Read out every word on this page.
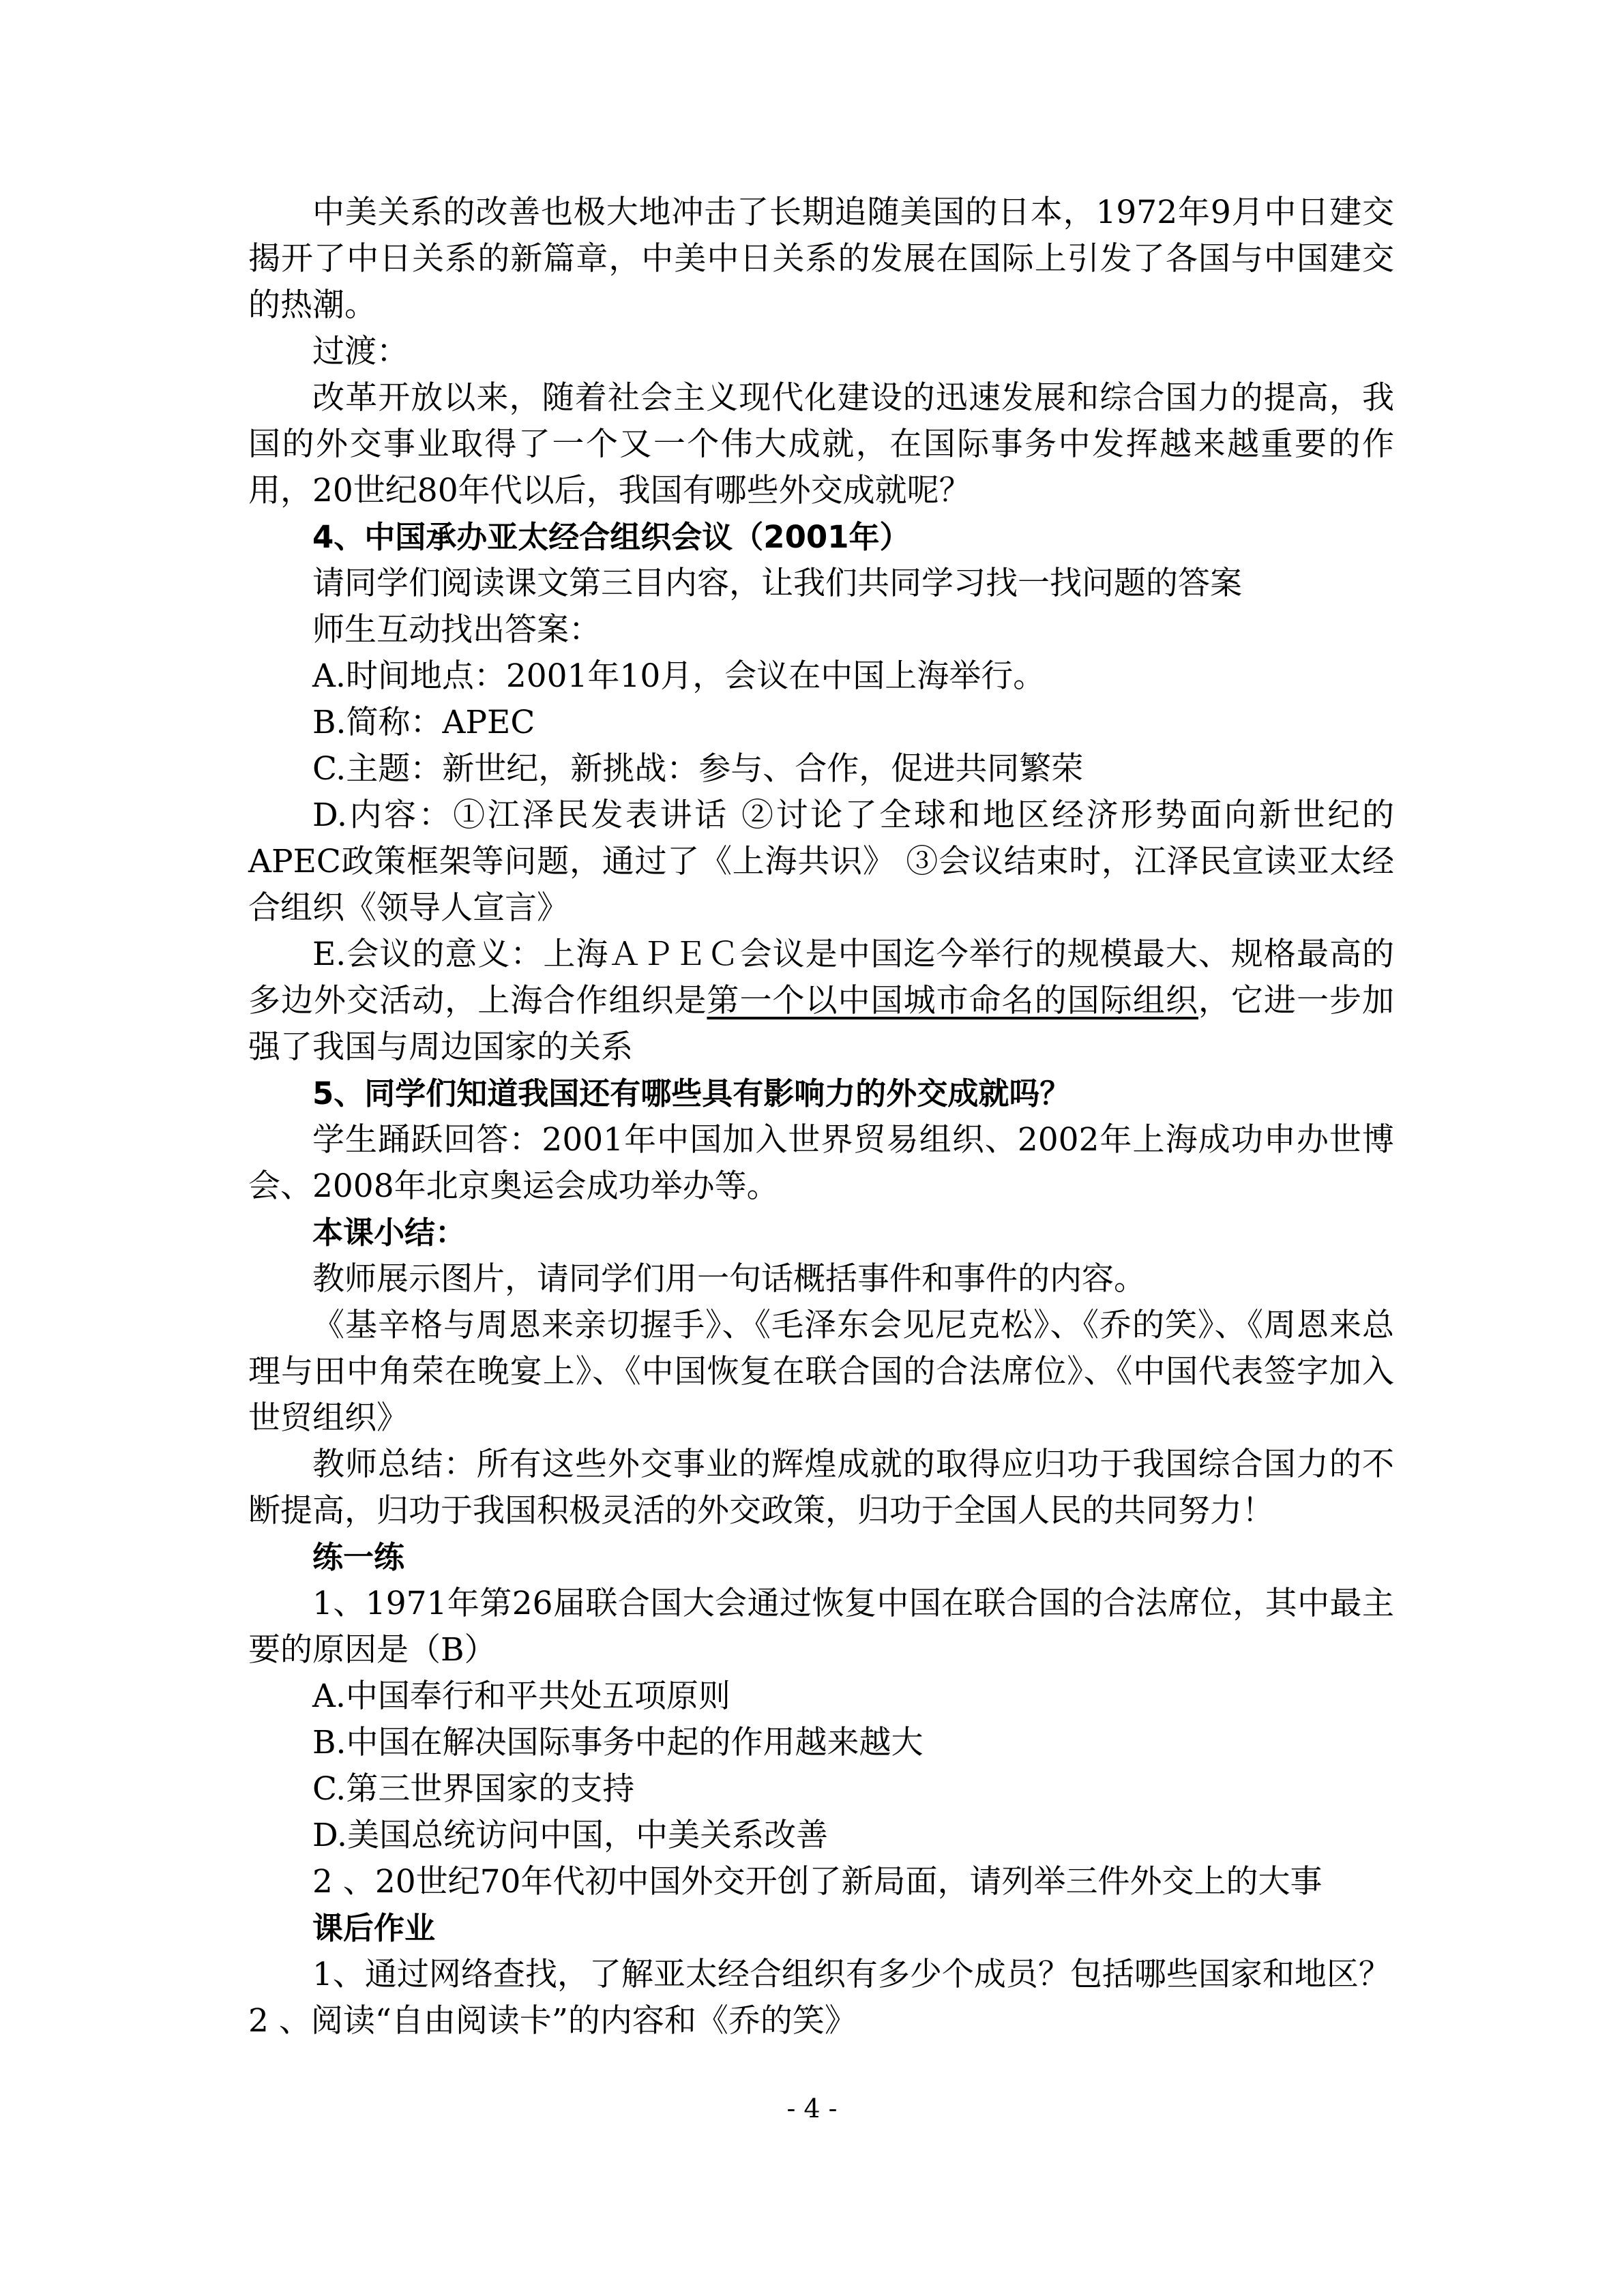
中美关系的改善也极大地冲击了长期追随美国的日本，1972年9月中日建交揭开了中日关系的新篇章，中美中日关系的发展在国际上引发了各国与中国建交的热潮。

过渡：

改革开放以来，随着社会主义现代化建设的迅速发展和综合国力的提高，我国的外交事业取得了一个又一个伟大成就，在国际事务中发挥越来越重要的作用，20世纪80年代以后，我国有哪些外交成就呢？

4、中国承办亚太经合组织会议（2001年）

请同学们阅读课文第三目内容，让我们共同学习找一找问题的答案

师生互动找出答案：

A.时间地点：2001年10月，会议在中国上海举行。

B.简称：APEC

C.主题：新世纪，新挑战：参与、合作，促进共同繁荣

D.内容：①江泽民发表讲话 ②讨论了全球和地区经济形势面向新世纪的APEC政策框架等问题，通过了《上海共识》 ③会议结束时，江泽民宣读亚太经合组织《领导人宣言》

E.会议的意义：上海ＡＰＥＣ会议是中国迄今举行的规模最大、规格最高的多边外交活动，上海合作组织是第一个以中国城市命名的国际组织，它进一步加强了我国与周边国家的关系

5、同学们知道我国还有哪些具有影响力的外交成就吗？

学生踊跃回答：2001年中国加入世界贸易组织、2002年上海成功申办世博会、2008年北京奥运会成功举办等。

本课小结：

教师展示图片，请同学们用一句话概括事件和事件的内容。

《基辛格与周恩来亲切握手》、《毛泽东会见尼克松》、《乔的笑》、《周恩来总理与田中角荣在晚宴上》、《中国恢复在联合国的合法席位》、《中国代表签字加入世贸组织》

教师总结：所有这些外交事业的辉煌成就的取得应归功于我国综合国力的不断提高，归功于我国积极灵活的外交政策，归功于全国人民的共同努力！

练一练

1、1971年第26届联合国大会通过恢复中国在联合国的合法席位，其中最主要的原因是（B）

A.中国奉行和平共处五项原则

B.中国在解决国际事务中起的作用越来越大

C.第三世界国家的支持

D.美国总统访问中国，中美关系改善

2 、20世纪70年代初中国外交开创了新局面，请列举三件外交上的大事

课后作业

1、通过网络查找，了解亚太经合组织有多少个成员？包括哪些国家和地区？

2 、阅读“自由阅读卡”的内容和《乔的笑》

- 4 -
